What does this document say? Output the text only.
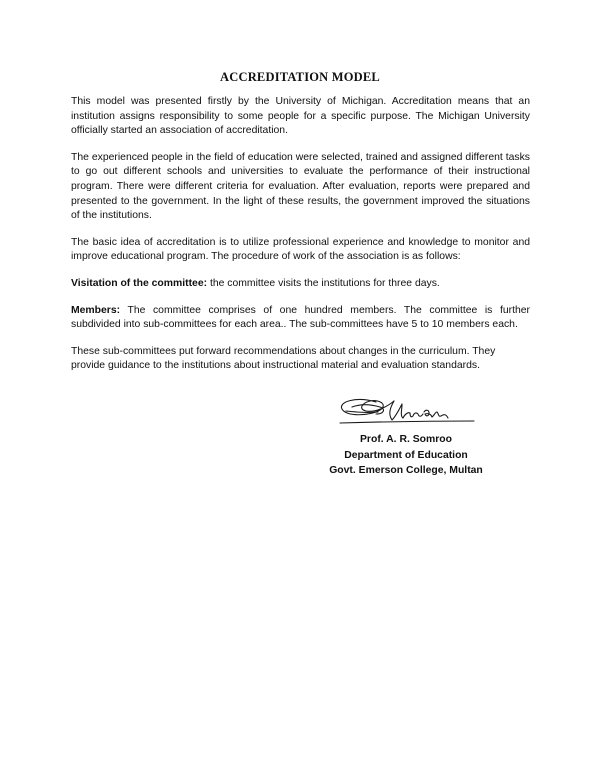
ACCREDITATION MODEL

This model was presented firstly by the University of Michigan. Accreditation means that an institution assigns responsibility to some people for a specific purpose. The Michigan University officially started an association of accreditation.

The experienced people in the field of education were selected, trained and assigned different tasks to go out different schools and universities to evaluate the performance of their instructional program. There were different criteria for evaluation. After evaluation, reports were prepared and presented to the government. In the light of these results, the government improved the situations of the institutions.

The basic idea of accreditation is to utilize professional experience and knowledge to monitor and improve educational program. The procedure of work of the association is as follows:

Visitation of the committee: the committee visits the institutions for three days.

Members: The committee comprises of one hundred members. The committee is further subdivided into sub-committees for each area.. The sub-committees have 5 to 10 members each.

These sub-committees put forward recommendations about changes in the curriculum. They provide guidance to the institutions about instructional material and evaluation standards.

Prof. A. R. Somroo
Department of Education
Govt. Emerson College, Multan
